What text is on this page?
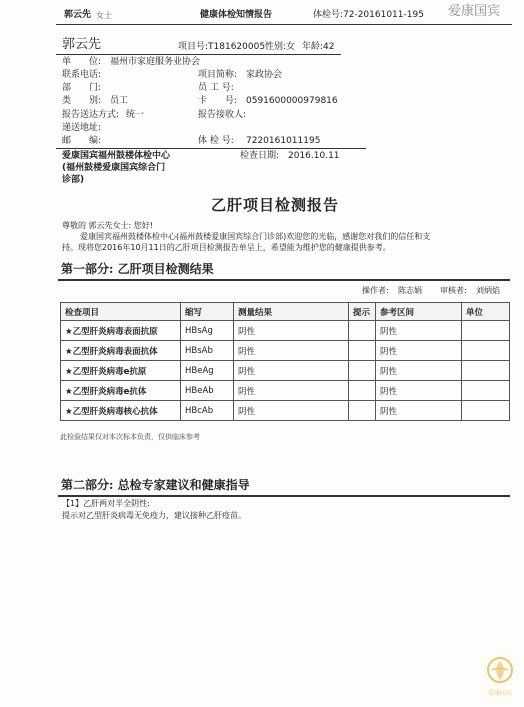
郭云先 女士	健康体检知情报告	体检号: 72-20161011-195 爱康国宾
郭云先	项目号:T181620005 性别:女 年龄:42
单　　位: 福州市家庭服务业协会
联系电话:	项目简称: 家政协会
部　　门:	员 工 号:
类　　别: 员工	卡　　号: 0591600000979816
报告送达方式: 统一	报告接收人:
递送地址:
邮　　编:	体 检 号: 7220161011195
爱康国宾福州鼓楼体检中心
(福州鼓楼爱康国宾综合门
诊部)
检查日期: 2016.10.11
乙肝项目检测报告
尊敬的 郭云先女士: 您好!
爱康国宾福州鼓楼体检中心(福州鼓楼爱康国宾综合门诊部)欢迎您的光临，感谢您对我们的信任和支
持。现将您2016年10月11日的乙肝项目检测报告单呈上，希望能为维护您的健康提供参考。
第一部分: 乙肝项目检测结果
操作者: 陈志娟 审核者: 刘炳焰
检查项目	缩写	测量结果	提示	参考区间	单位
★乙型肝炎病毒表面抗原	HBsAg	阴性		阴性	
★乙型肝炎病毒表面抗体	HBsAb	阴性		阴性	
★乙型肝炎病毒e抗原	HBeAg	阴性		阴性	
★乙型肝炎病毒e抗体	HBeAb	阴性		阴性	
★乙型肝炎病毒核心抗体	HBcAb	阴性		阴性	
此检验结果仅对本次标本负责，仅供临床参考
第二部分: 总检专家建议和健康指导
【1】乙肝两对半全阴性:
提示对乙型肝炎病毒无免疫力，建议接种乙肝疫苗。
爱康国宾
